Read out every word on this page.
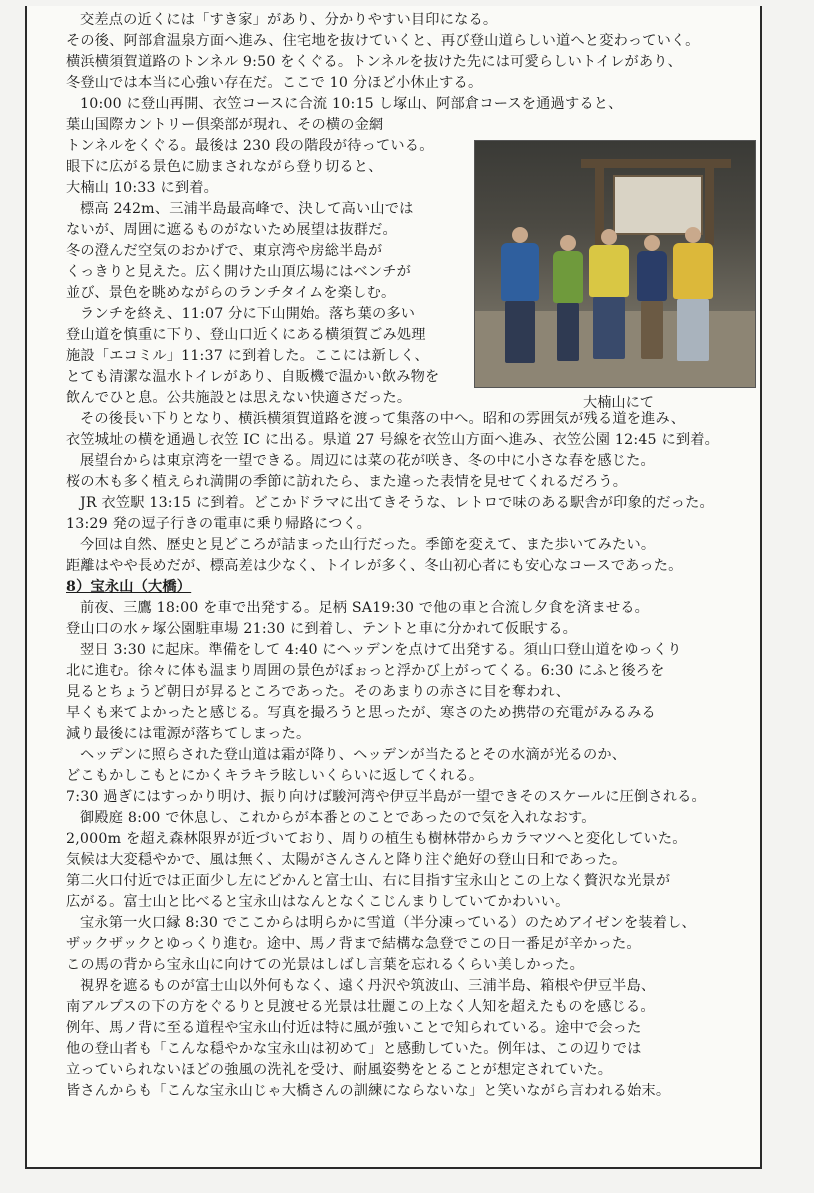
大楠山にて
交差点の近くには「すき家」があり、分かりやすい目印になる。
その後、阿部倉温泉方面へ進み、住宅地を抜けていくと、再び登山道らしい道へと変わっていく。
横浜横須賀道路のトンネル 9:50 をくぐる。トンネルを抜けた先には可愛らしいトイレがあり、
冬登山では本当に心強い存在だ。ここで 10 分ほど小休止する。
10:00 に登山再開、衣笠コースに合流 10:15 し塚山、阿部倉コースを通過すると、
葉山国際カントリー倶楽部が現れ、その横の金網
トンネルをくぐる。最後は 230 段の階段が待っている。
眼下に広がる景色に励まされながら登り切ると、
大楠山 10:33 に到着。
標高 242m、三浦半島最高峰で、決して高い山では
ないが、周囲に遮るものがないため展望は抜群だ。
冬の澄んだ空気のおかげで、東京湾や房総半島が
くっきりと見えた。広く開けた山頂広場にはベンチが
並び、景色を眺めながらのランチタイムを楽しむ。
ランチを終え、11:07 分に下山開始。落ち葉の多い
登山道を慎重に下り、登山口近くにある横須賀ごみ処理
施設「エコミル」11:37 に到着した。ここには新しく、
とても清潔な温水トイレがあり、自販機で温かい飲み物を
飲んでひと息。公共施設とは思えない快適さだった。
その後長い下りとなり、横浜横須賀道路を渡って集落の中へ。昭和の雰囲気が残る道を進み、
衣笠城址の横を通過し衣笠 IC に出る。県道 27 号線を衣笠山方面へ進み、衣笠公園 12:45 に到着。
展望台からは東京湾を一望できる。周辺には菜の花が咲き、冬の中に小さな春を感じた。
桜の木も多く植えられ満開の季節に訪れたら、また違った表情を見せてくれるだろう。
JR 衣笠駅 13:15 に到着。どこかドラマに出てきそうな、レトロで味のある駅舎が印象的だった。
13:29 発の逗子行きの電車に乗り帰路につく。
今回は自然、歴史と見どころが詰まった山行だった。季節を変えて、また歩いてみたい。
距離はやや長めだが、標高差は少なく、トイレが多く、冬山初心者にも安心なコースであった。
8）宝永山（大橋）
前夜、三鷹 18:00 を車で出発する。足柄 SA19:30 で他の車と合流し夕食を済ませる。
登山口の水ヶ塚公園駐車場 21:30 に到着し、テントと車に分かれて仮眠する。
翌日 3:30 に起床。準備をして 4:40 にヘッデンを点けて出発する。須山口登山道をゆっくり
北に進む。徐々に体も温まり周囲の景色がぼぉっと浮かび上がってくる。6:30 にふと後ろを
見るとちょうど朝日が昇るところであった。そのあまりの赤さに目を奪われ、
早くも来てよかったと感じる。写真を撮ろうと思ったが、寒さのため携帯の充電がみるみる
減り最後には電源が落ちてしまった。
ヘッデンに照らされた登山道は霜が降り、ヘッデンが当たるとその水滴が光るのか、
どこもかしこもとにかくキラキラ眩しいくらいに返してくれる。
7:30 過ぎにはすっかり明け、振り向けば駿河湾や伊豆半島が一望できそのスケールに圧倒される。
御殿庭 8:00 で休息し、これからが本番とのことであったので気を入れなおす。
2,000m を超え森林限界が近づいており、周りの植生も樹林帯からカラマツへと変化していた。
気候は大変穏やかで、風は無く、太陽がさんさんと降り注ぐ絶好の登山日和であった。
第二火口付近では正面少し左にどかんと富士山、右に目指す宝永山とこの上なく贅沢な光景が
広がる。富士山と比べると宝永山はなんとなくこじんまりしていてかわいい。
宝永第一火口縁 8:30 でここからは明らかに雪道（半分凍っている）のためアイゼンを装着し、
ザックザックとゆっくり進む。途中、馬ノ背まで結構な急登でこの日一番足が辛かった。
この馬の背から宝永山に向けての光景はしばし言葉を忘れるくらい美しかった。
視界を遮るものが富士山以外何もなく、遠く丹沢や筑波山、三浦半島、箱根や伊豆半島、
南アルプスの下の方をぐるりと見渡せる光景は壮麗この上なく人知を超えたものを感じる。
例年、馬ノ背に至る道程や宝永山付近は特に風が強いことで知られている。途中で会った
他の登山者も「こんな穏やかな宝永山は初めて」と感動していた。例年は、この辺りでは
立っていられないほどの強風の洗礼を受け、耐風姿勢をとることが想定されていた。
皆さんからも「こんな宝永山じゃ大橋さんの訓練にならないな」と笑いながら言われる始末。
